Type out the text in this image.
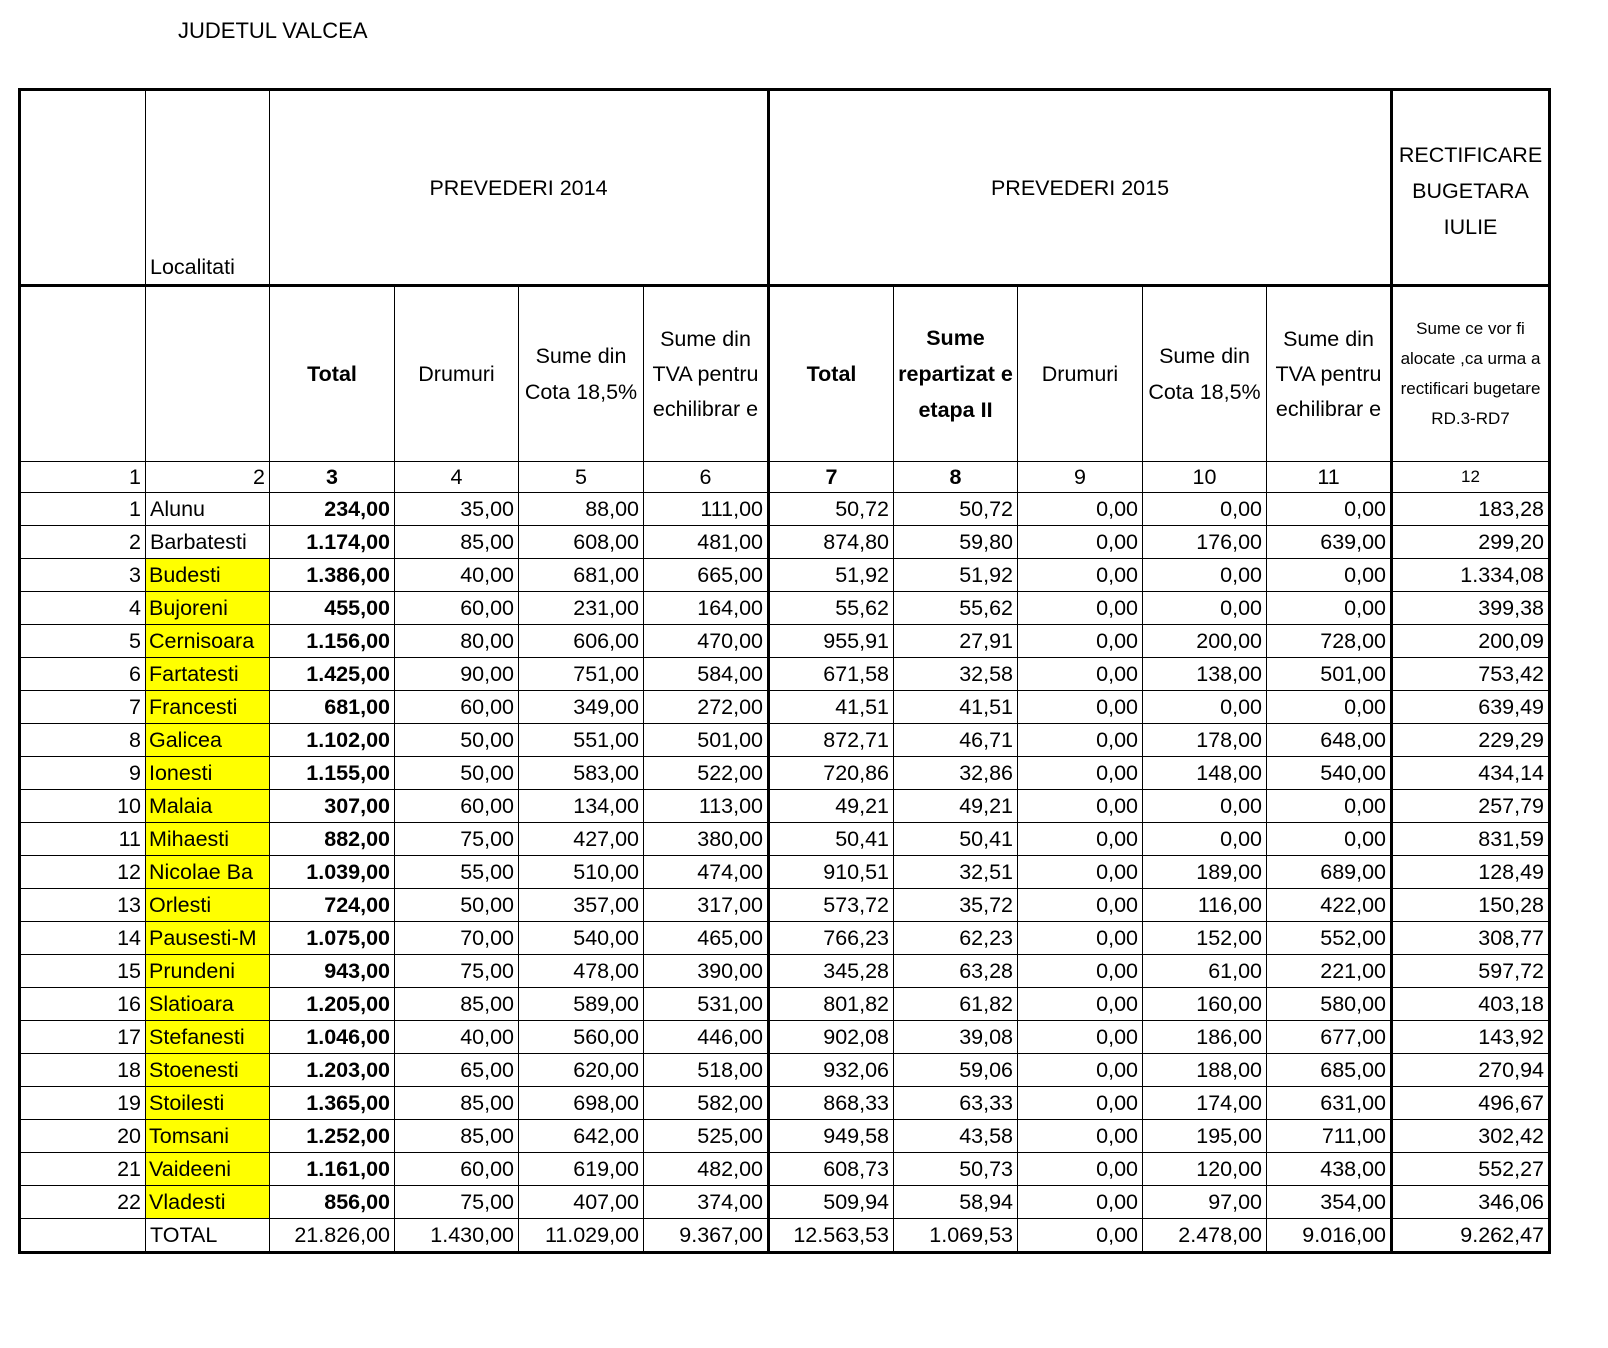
JUDETUL VALCEA
	Localitati	PREVEDERI 2014				PREVEDERI 2015					RECTIFICARE BUGETARA IULIE
		Total	Drumuri	Sume din Cota 18,5%	Sume din TVA pentru echilibrar e	Total	Sume repartizat e etapa II	Drumuri	Sume din Cota 18,5%	Sume din TVA pentru echilibrar e	Sume ce vor fi alocate ,ca urma a rectificari bugetare RD.3-RD7
1	2	3	4	5	6	7	8	9	10	11	12
1	Alunu	234,00	35,00	88,00	111,00	50,72	50,72	0,00	0,00	0,00	183,28
2	Barbatesti	1.174,00	85,00	608,00	481,00	874,80	59,80	0,00	176,00	639,00	299,20
3	Budesti	1.386,00	40,00	681,00	665,00	51,92	51,92	0,00	0,00	0,00	1.334,08
4	Bujoreni	455,00	60,00	231,00	164,00	55,62	55,62	0,00	0,00	0,00	399,38
5	Cernisoara	1.156,00	80,00	606,00	470,00	955,91	27,91	0,00	200,00	728,00	200,09
6	Fartatesti	1.425,00	90,00	751,00	584,00	671,58	32,58	0,00	138,00	501,00	753,42
7	Francesti	681,00	60,00	349,00	272,00	41,51	41,51	0,00	0,00	0,00	639,49
8	Galicea	1.102,00	50,00	551,00	501,00	872,71	46,71	0,00	178,00	648,00	229,29
9	Ionesti	1.155,00	50,00	583,00	522,00	720,86	32,86	0,00	148,00	540,00	434,14
10	Malaia	307,00	60,00	134,00	113,00	49,21	49,21	0,00	0,00	0,00	257,79
11	Mihaesti	882,00	75,00	427,00	380,00	50,41	50,41	0,00	0,00	0,00	831,59
12	Nicolae Ba	1.039,00	55,00	510,00	474,00	910,51	32,51	0,00	189,00	689,00	128,49
13	Orlesti	724,00	50,00	357,00	317,00	573,72	35,72	0,00	116,00	422,00	150,28
14	Pausesti-M	1.075,00	70,00	540,00	465,00	766,23	62,23	0,00	152,00	552,00	308,77
15	Prundeni	943,00	75,00	478,00	390,00	345,28	63,28	0,00	61,00	221,00	597,72
16	Slatioara	1.205,00	85,00	589,00	531,00	801,82	61,82	0,00	160,00	580,00	403,18
17	Stefanesti	1.046,00	40,00	560,00	446,00	902,08	39,08	0,00	186,00	677,00	143,92
18	Stoenesti	1.203,00	65,00	620,00	518,00	932,06	59,06	0,00	188,00	685,00	270,94
19	Stoilesti	1.365,00	85,00	698,00	582,00	868,33	63,33	0,00	174,00	631,00	496,67
20	Tomsani	1.252,00	85,00	642,00	525,00	949,58	43,58	0,00	195,00	711,00	302,42
21	Vaideeni	1.161,00	60,00	619,00	482,00	608,73	50,73	0,00	120,00	438,00	552,27
22	Vladesti	856,00	75,00	407,00	374,00	509,94	58,94	0,00	97,00	354,00	346,06
	TOTAL	21.826,00	1.430,00	11.029,00	9.367,00	12.563,53	1.069,53	0,00	2.478,00	9.016,00	9.262,47
